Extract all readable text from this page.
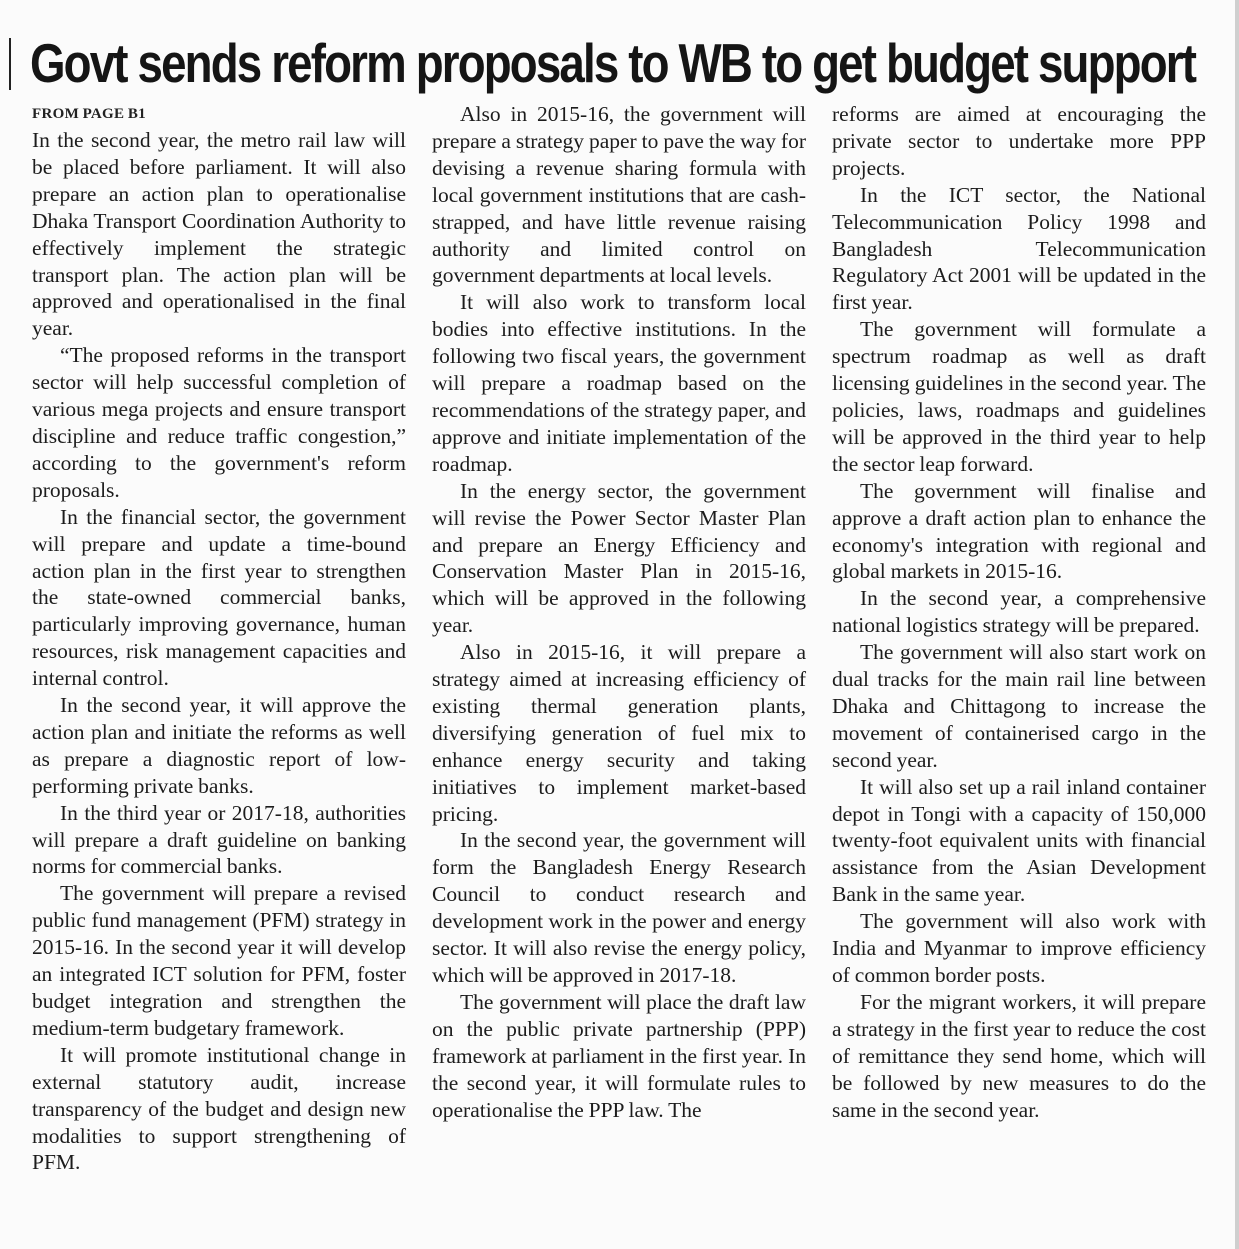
Govt sends reform proposals to WB to get budget support
FROM PAGE B1

In the second year, the metro rail law will be placed before parliament. It will also prepare an action plan to operationalise Dhaka Transport Coordination Authority to effectively implement the strategic transport plan. The action plan will be approved and operationalised in the final year.

“The proposed reforms in the transport sector will help successful completion of various mega projects and ensure transport discipline and reduce traffic congestion,” according to the government's reform proposals.

In the financial sector, the government will prepare and update a time-bound action plan in the first year to strengthen the state-owned commercial banks, particularly improving governance, human resources, risk management capacities and internal control.

In the second year, it will approve the action plan and initiate the reforms as well as prepare a diagnostic report of low-performing private banks.

In the third year or 2017-18, authorities will prepare a draft guideline on banking norms for commercial banks.

The government will prepare a revised public fund management (PFM) strategy in 2015-16. In the second year it will develop an integrated ICT solution for PFM, foster budget integration and strengthen the medium-term budgetary framework.

It will promote institutional change in external statutory audit, increase transparency of the budget and design new modalities to support strengthening of PFM.

Also in 2015-16, the government will prepare a strategy paper to pave the way for devising a revenue sharing formula with local government institutions that are cash-strapped, and have little revenue raising authority and limited control on government departments at local levels.

It will also work to transform local bodies into effective institutions. In the following two fiscal years, the government will prepare a roadmap based on the recommendations of the strategy paper, and approve and initiate implementation of the roadmap.

In the energy sector, the government will revise the Power Sector Master Plan and prepare an Energy Efficiency and Conservation Master Plan in 2015-16, which will be approved in the following year.

Also in 2015-16, it will prepare a strategy aimed at increasing efficiency of existing thermal generation plants, diversifying generation of fuel mix to enhance energy security and taking initiatives to implement market-based pricing.

In the second year, the government will form the Bangladesh Energy Research Council to conduct research and development work in the power and energy sector. It will also revise the energy policy, which will be approved in 2017-18.

The government will place the draft law on the public private partnership (PPP) framework at parliament in the first year. In the second year, it will formulate rules to operationalise the PPP law. The

reforms are aimed at encouraging the private sector to undertake more PPP projects.

In the ICT sector, the National Telecommunication Policy 1998 and Bangladesh Telecommunication Regulatory Act 2001 will be updated in the first year.

The government will formulate a spectrum roadmap as well as draft licensing guidelines in the second year. The policies, laws, roadmaps and guidelines will be approved in the third year to help the sector leap forward.

The government will finalise and approve a draft action plan to enhance the economy's integration with regional and global markets in 2015-16.

In the second year, a comprehensive national logistics strategy will be prepared.

The government will also start work on dual tracks for the main rail line between Dhaka and Chittagong to increase the movement of containerised cargo in the second year.

It will also set up a rail inland container depot in Tongi with a capacity of 150,000 twenty-foot equivalent units with financial assistance from the Asian Development Bank in the same year.

The government will also work with India and Myanmar to improve efficiency of common border posts.

For the migrant workers, it will prepare a strategy in the first year to reduce the cost of remittance they send home, which will be followed by new measures to do the same in the second year.
